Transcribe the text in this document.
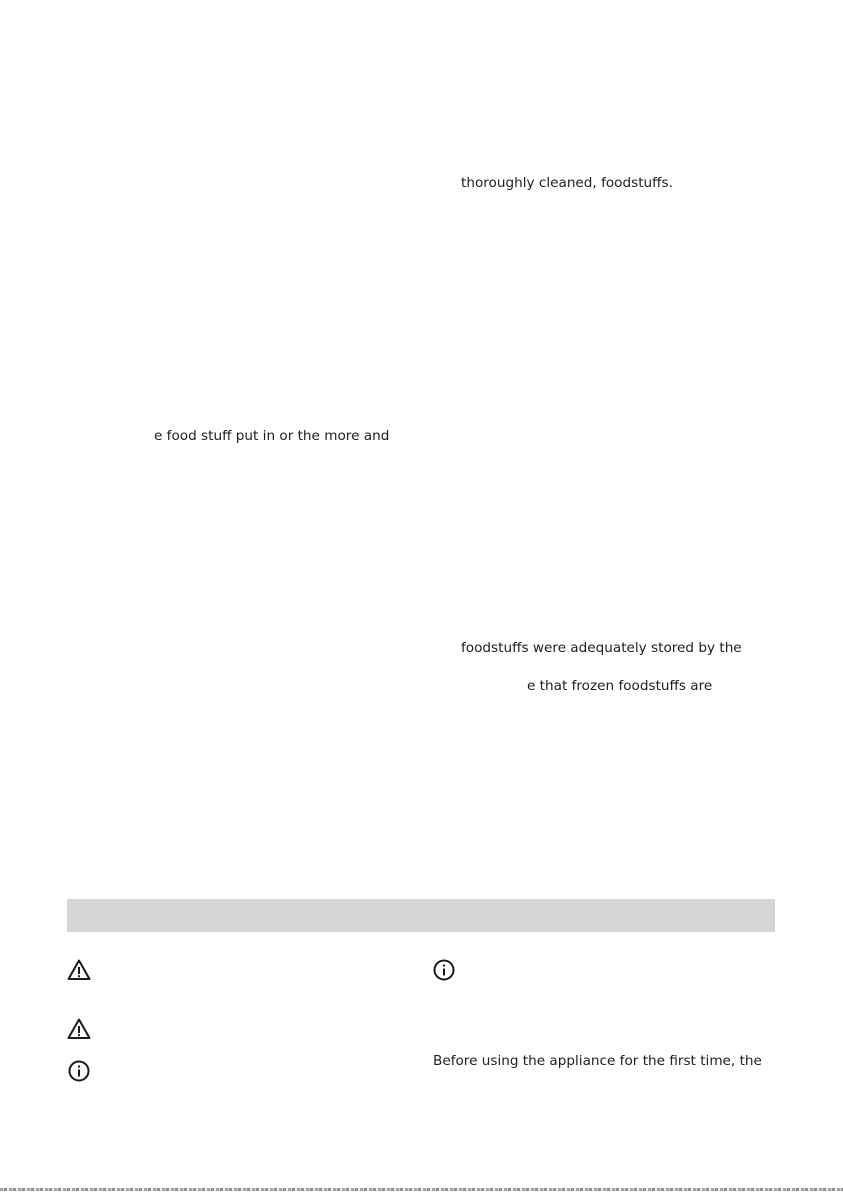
thoroughly cleaned, foodstuffs.
e food stuff put in or the more and
foodstuffs were adequately stored by the
e that frozen foodstuffs are
Before using the appliance for the first time, the
